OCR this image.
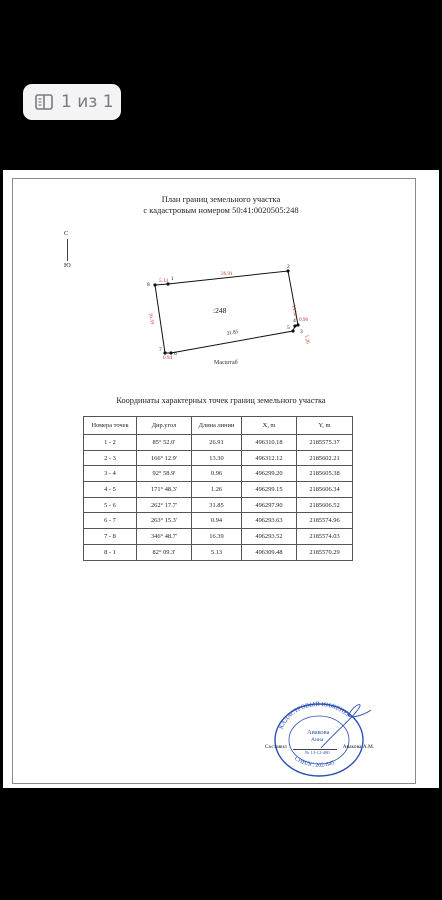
1 из 1
План границ земельного участка
с кадастровым номером 50:41:0020505:248
С
Ю
1
2
3
4
5
6
7
8
26.91
13.30
0.96
1.26
0.94
16.39
5.13
31.85
:248
Масштаб
Координаты характерных точек границ земельного участка
Номера точек	Дир.угол	Длина линии	X, m	Y, m
1 - 2	85° 52.0'	26.91	496310.18	2185575.37
2 - 3	166° 12.9'	13.30	496312.12	2185602.21
3 - 4	92° 58.9'	0.96	496299.20	2185605.38
4 - 5	171° 48.3'	1.26	496299.15	2185606.34
5 - 6	262° 17.7'	31.85	496297.90	2185606.52
6 - 7	263° 15.3'	0.94	496293.63	2185574.96
7 - 8	346° 48.7'	16.39	496293.52	2185574.03
8 - 1	82° 09.3'	5.13	496309.48	2185570.29
КАДАСТРОВЫЙ ИНЖЕНЕР
СНИЛС 202-845
Авакова
Анна
№ 13-12-480
Составил	Авакова А.М.
